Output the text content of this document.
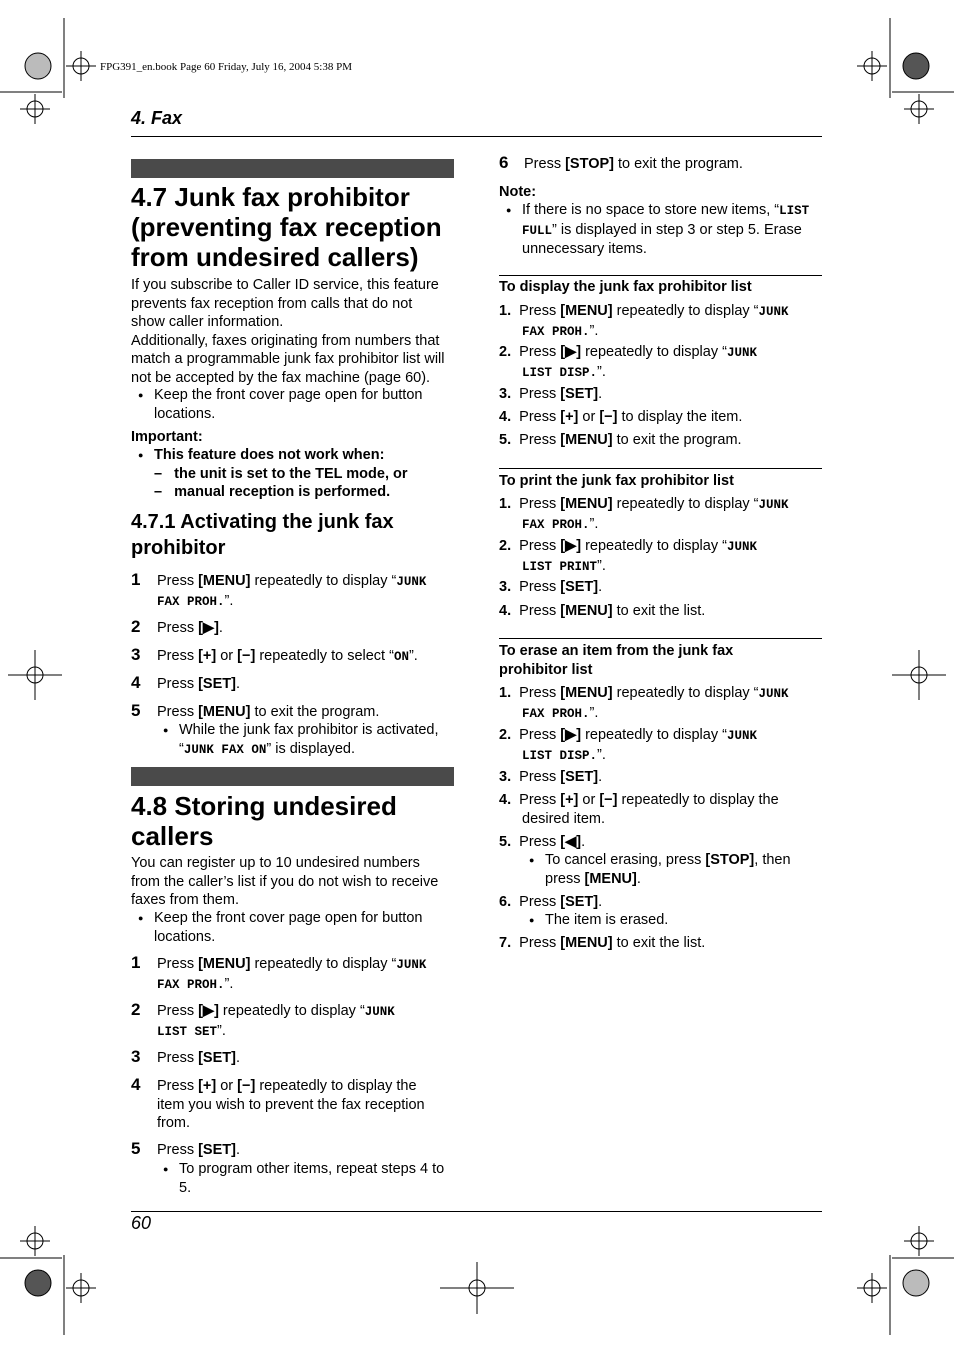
FPG391_en.book Page 60 Friday, July 16, 2004 5:38 PM
4. Fax
60
4.7 Junk fax prohibitor
(preventing fax reception
from undesired callers)
If you subscribe to Caller ID service, this feature
prevents fax reception from calls that do not
show caller information.
Additionally, faxes originating from numbers that
match a programmable junk fax prohibitor list will
not be accepted by the fax machine (page 60).
Keep the front cover page open for button
locations.
Important:
This feature does not work when:
–   the unit is set to the TEL mode, or
–   manual reception is performed.
4.7.1 Activating the junk fax
prohibitor
1 Press [MENU] repeatedly to display “JUNK
FAX PROH.”.
2 Press [▶].
3 Press [+] or [−] repeatedly to select “ON”.
4 Press [SET].
5 Press [MENU] to exit the program.
While the junk fax prohibitor is activated,
“JUNK FAX ON” is displayed.
4.8 Storing undesired
callers
You can register up to 10 undesired numbers
from the caller’s list if you do not wish to receive
faxes from them.
Keep the front cover page open for button
locations.
1 Press [MENU] repeatedly to display “JUNK
FAX PROH.”.
2 Press [▶] repeatedly to display “JUNK
LIST SET”.
3 Press [SET].
4 Press [+] or [−] repeatedly to display the
item you wish to prevent the fax reception
from.
5 Press [SET].
To program other items, repeat steps 4 to
5.
6 Press [STOP] to exit the program.
Note:
If there is no space to store new items, “LIST
FULL” is displayed in step 3 or step 5. Erase
unnecessary items.
To display the junk fax prohibitor list
1. Press [MENU] repeatedly to display “JUNK
FAX PROH.”.
2. Press [▶] repeatedly to display “JUNK
LIST DISP.”.
3. Press [SET].
4. Press [+] or [−] to display the item.
5. Press [MENU] to exit the program.
To print the junk fax prohibitor list
1. Press [MENU] repeatedly to display “JUNK
FAX PROH.”.
2. Press [▶] repeatedly to display “JUNK
LIST PRINT”.
3. Press [SET].
4. Press [MENU] to exit the list.
To erase an item from the junk fax
prohibitor list
1. Press [MENU] repeatedly to display “JUNK
FAX PROH.”.
2. Press [▶] repeatedly to display “JUNK
LIST DISP.”.
3. Press [SET].
4. Press [+] or [−] repeatedly to display the
desired item.
5. Press [◀].
To cancel erasing, press [STOP], then
press [MENU].
6. Press [SET].
The item is erased.
7. Press [MENU] to exit the list.
